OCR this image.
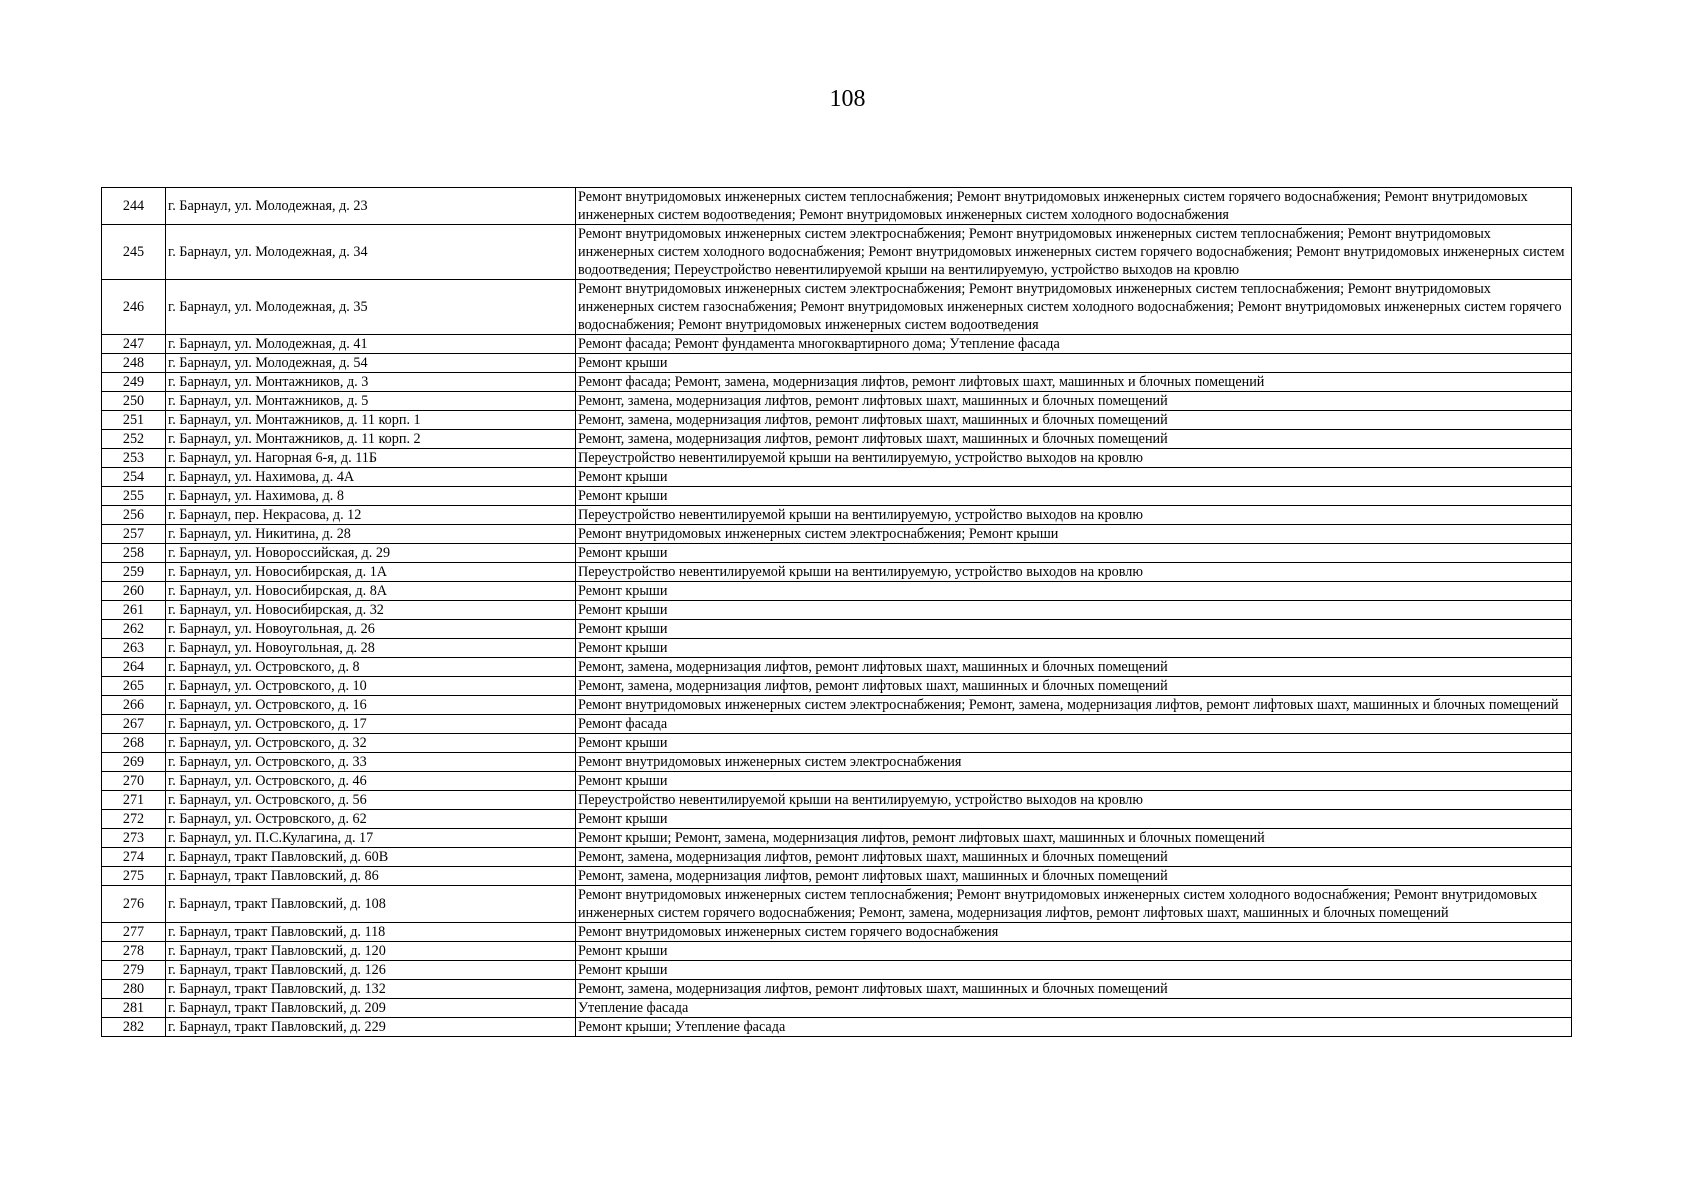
108
244	г. Барнаул, ул. Молодежная, д. 23	Ремонт внутридомовых инженерных систем теплоснабжения; Ремонт внутридомовых инженерных систем горячего водоснабжения; Ремонт внутридомовых инженерных систем водоотведения; Ремонт внутридомовых инженерных систем холодного водоснабжения
245	г. Барнаул, ул. Молодежная, д. 34	Ремонт внутридомовых инженерных систем электроснабжения; Ремонт внутридомовых инженерных систем теплоснабжения; Ремонт внутридомовых инженерных систем холодного водоснабжения; Ремонт внутридомовых инженерных систем горячего водоснабжения; Ремонт внутридомовых инженерных систем водоотведения; Переустройство невентилируемой крыши на вентилируемую, устройство выходов на кровлю
246	г. Барнаул, ул. Молодежная, д. 35	Ремонт внутридомовых инженерных систем электроснабжения; Ремонт внутридомовых инженерных систем теплоснабжения; Ремонт внутридомовых инженерных систем газоснабжения; Ремонт внутридомовых инженерных систем холодного водоснабжения; Ремонт внутридомовых инженерных систем горячего водоснабжения; Ремонт внутридомовых инженерных систем водоотведения
247	г. Барнаул, ул. Молодежная, д. 41	Ремонт фасада; Ремонт фундамента многоквартирного дома; Утепление фасада
248	г. Барнаул, ул. Молодежная, д. 54	Ремонт крыши
249	г. Барнаул, ул. Монтажников, д. 3	Ремонт фасада; Ремонт, замена, модернизация лифтов, ремонт лифтовых шахт, машинных и блочных помещений
250	г. Барнаул, ул. Монтажников, д. 5	Ремонт, замена, модернизация лифтов, ремонт лифтовых шахт, машинных и блочных помещений
251	г. Барнаул, ул. Монтажников, д. 11 корп. 1	Ремонт, замена, модернизация лифтов, ремонт лифтовых шахт, машинных и блочных помещений
252	г. Барнаул, ул. Монтажников, д. 11 корп. 2	Ремонт, замена, модернизация лифтов, ремонт лифтовых шахт, машинных и блочных помещений
253	г. Барнаул, ул. Нагорная 6-я, д. 11Б	Переустройство невентилируемой крыши на вентилируемую, устройство выходов на кровлю
254	г. Барнаул, ул. Нахимова, д. 4А	Ремонт крыши
255	г. Барнаул, ул. Нахимова, д. 8	Ремонт крыши
256	г. Барнаул, пер. Некрасова, д. 12	Переустройство невентилируемой крыши на вентилируемую, устройство выходов на кровлю
257	г. Барнаул, ул. Никитина, д. 28	Ремонт внутридомовых инженерных систем электроснабжения; Ремонт крыши
258	г. Барнаул, ул. Новороссийская, д. 29	Ремонт крыши
259	г. Барнаул, ул. Новосибирская, д. 1А	Переустройство невентилируемой крыши на вентилируемую, устройство выходов на кровлю
260	г. Барнаул, ул. Новосибирская, д. 8А	Ремонт крыши
261	г. Барнаул, ул. Новосибирская, д. 32	Ремонт крыши
262	г. Барнаул, ул. Новоугольная, д. 26	Ремонт крыши
263	г. Барнаул, ул. Новоугольная, д. 28	Ремонт крыши
264	г. Барнаул, ул. Островского, д. 8	Ремонт, замена, модернизация лифтов, ремонт лифтовых шахт, машинных и блочных помещений
265	г. Барнаул, ул. Островского, д. 10	Ремонт, замена, модернизация лифтов, ремонт лифтовых шахт, машинных и блочных помещений
266	г. Барнаул, ул. Островского, д. 16	Ремонт внутридомовых инженерных систем электроснабжения; Ремонт, замена, модернизация лифтов, ремонт лифтовых шахт, машинных и блочных помещений
267	г. Барнаул, ул. Островского, д. 17	Ремонт фасада
268	г. Барнаул, ул. Островского, д. 32	Ремонт крыши
269	г. Барнаул, ул. Островского, д. 33	Ремонт внутридомовых инженерных систем электроснабжения
270	г. Барнаул, ул. Островского, д. 46	Ремонт крыши
271	г. Барнаул, ул. Островского, д. 56	Переустройство невентилируемой крыши на вентилируемую, устройство выходов на кровлю
272	г. Барнаул, ул. Островского, д. 62	Ремонт крыши
273	г. Барнаул, ул. П.С.Кулагина, д. 17	Ремонт крыши; Ремонт, замена, модернизация лифтов, ремонт лифтовых шахт, машинных и блочных помещений
274	г. Барнаул, тракт Павловский, д. 60В	Ремонт, замена, модернизация лифтов, ремонт лифтовых шахт, машинных и блочных помещений
275	г. Барнаул, тракт Павловский, д. 86	Ремонт, замена, модернизация лифтов, ремонт лифтовых шахт, машинных и блочных помещений
276	г. Барнаул, тракт Павловский, д. 108	Ремонт внутридомовых инженерных систем теплоснабжения; Ремонт внутридомовых инженерных систем холодного водоснабжения; Ремонт внутридомовых инженерных систем горячего водоснабжения; Ремонт, замена, модернизация лифтов, ремонт лифтовых шахт, машинных и блочных помещений
277	г. Барнаул, тракт Павловский, д. 118	Ремонт внутридомовых инженерных систем горячего водоснабжения
278	г. Барнаул, тракт Павловский, д. 120	Ремонт крыши
279	г. Барнаул, тракт Павловский, д. 126	Ремонт крыши
280	г. Барнаул, тракт Павловский, д. 132	Ремонт, замена, модернизация лифтов, ремонт лифтовых шахт, машинных и блочных помещений
281	г. Барнаул, тракт Павловский, д. 209	Утепление фасада
282	г. Барнаул, тракт Павловский, д. 229	Ремонт крыши; Утепление фасада
